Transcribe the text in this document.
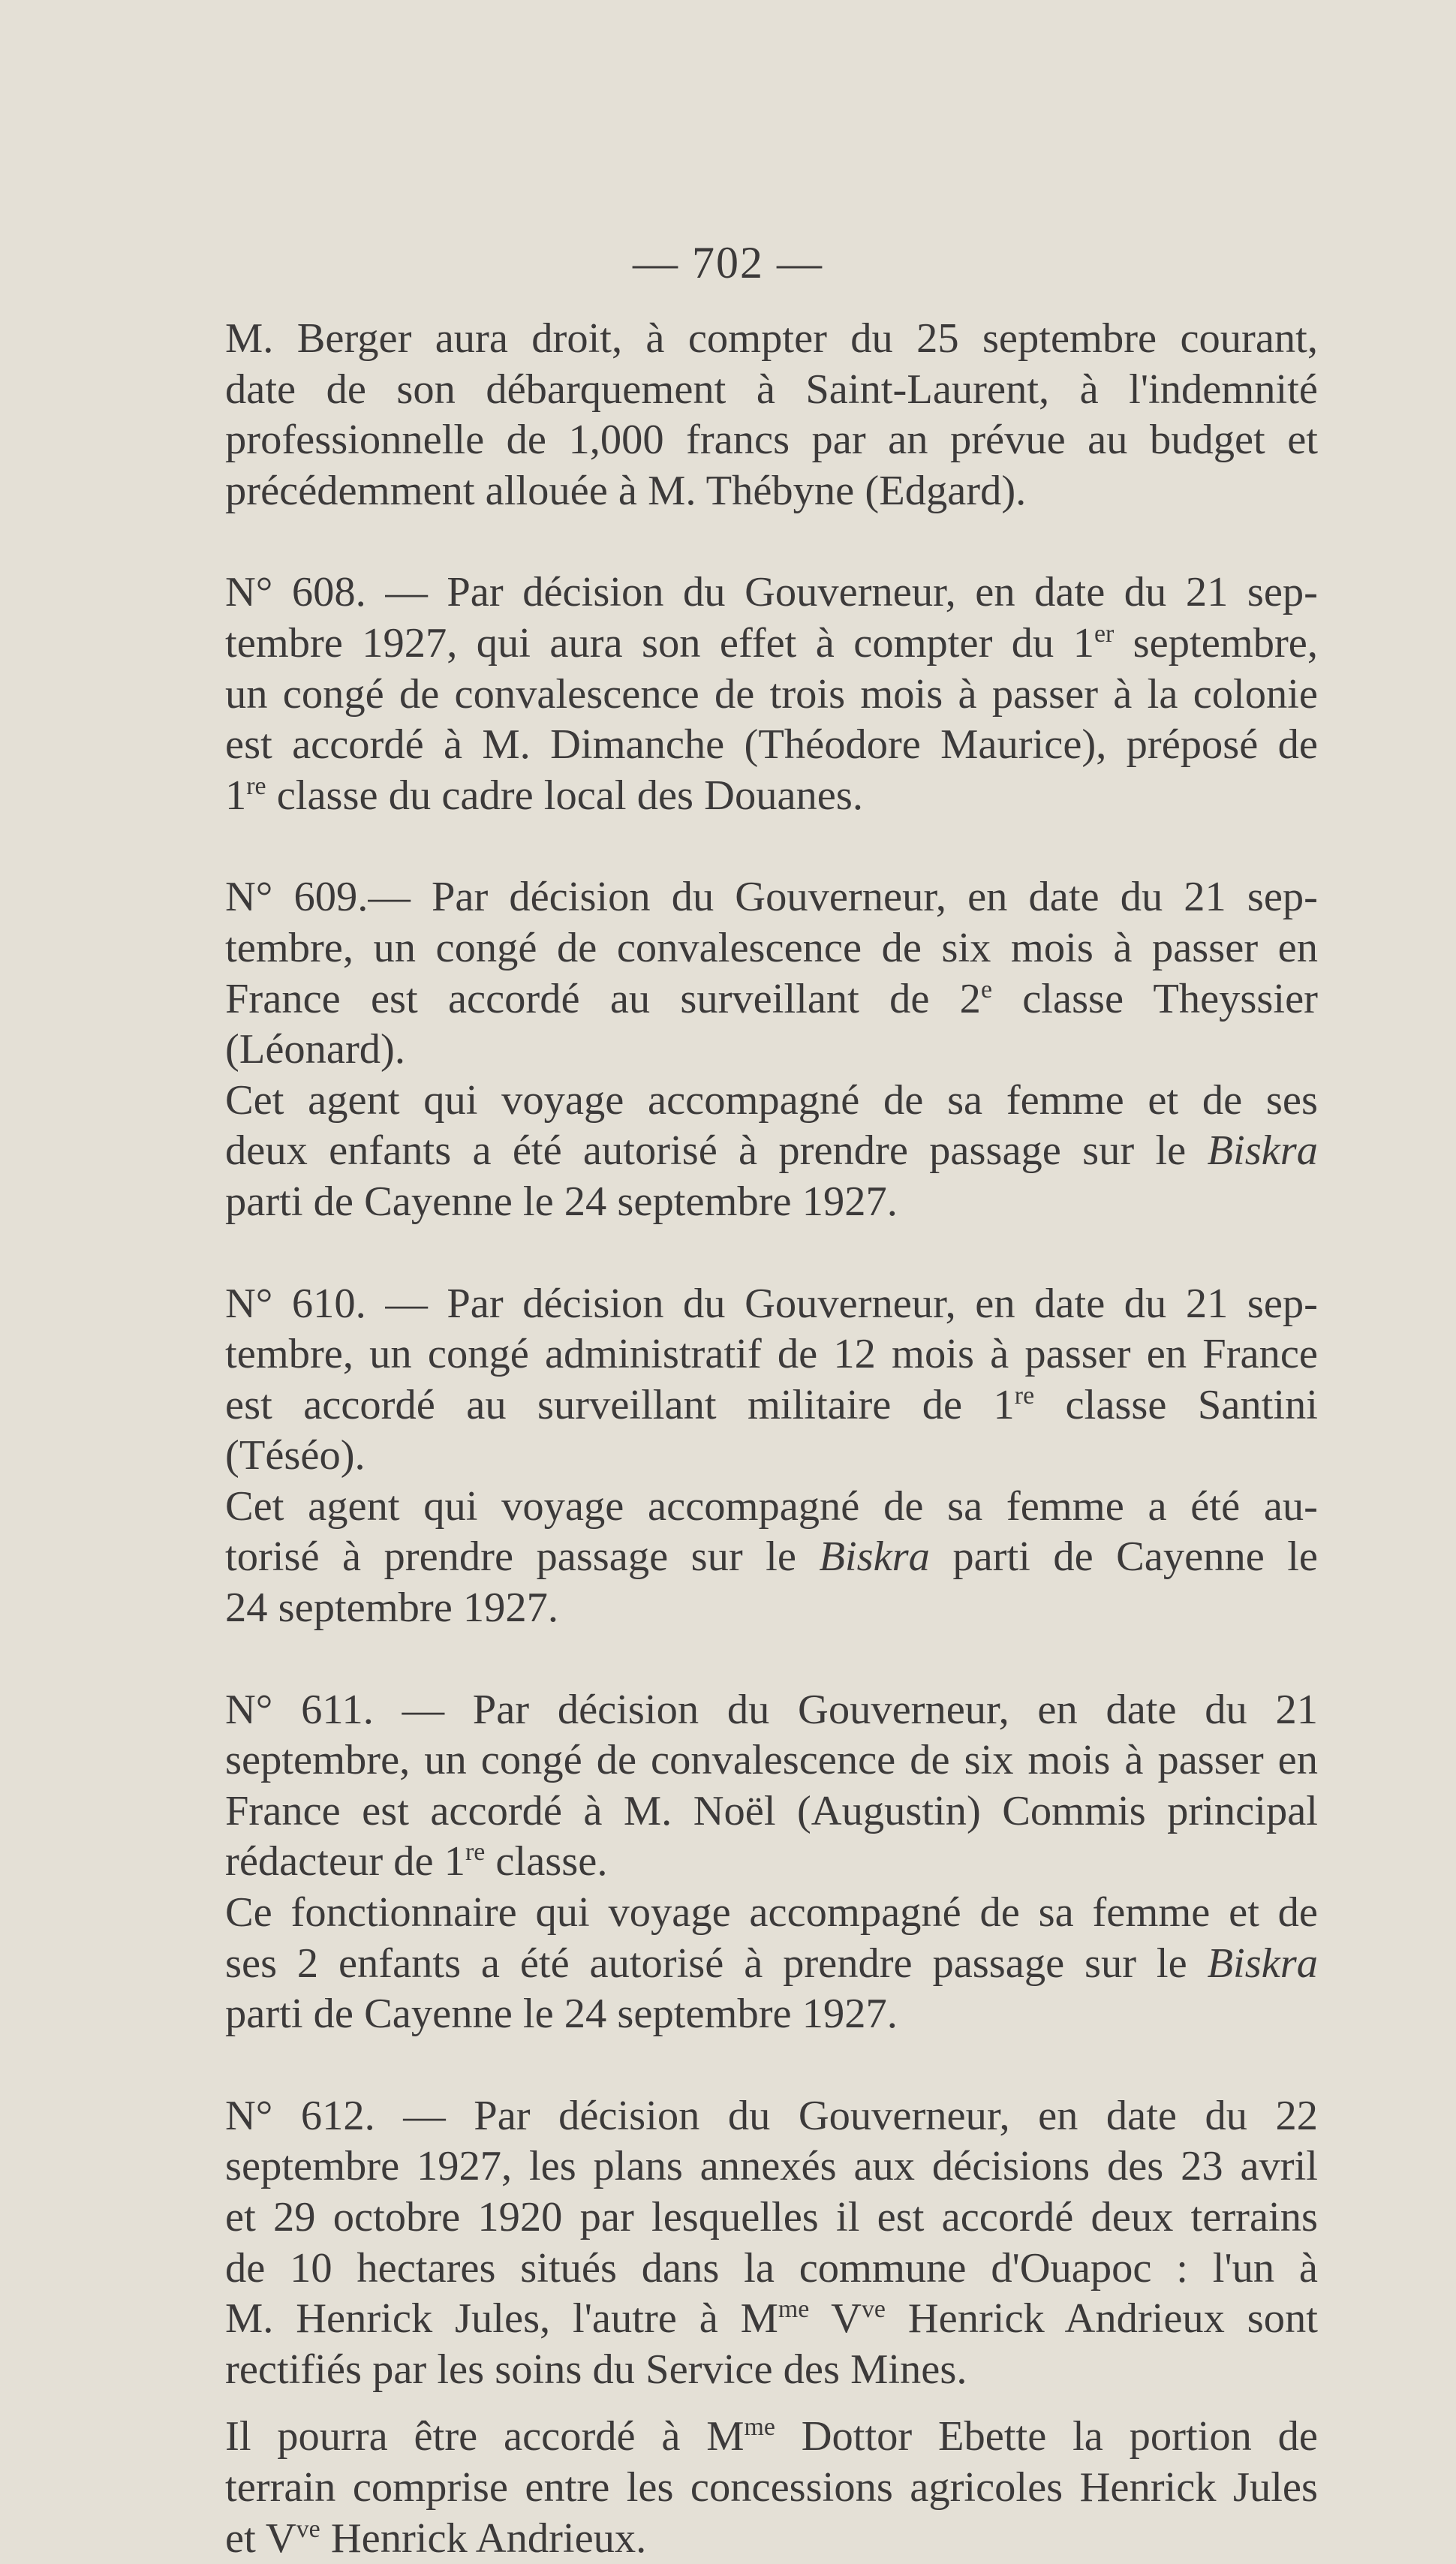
— 702 —
M. Berger aura droit, à compter du 25 septembre courant,
date de son débarquement à Saint-Laurent, à l'indemnité
professionnelle de 1,000 francs par an prévue au budget et
précédemment allouée à M. Thébyne (Edgard).
N° 608. — Par décision du Gouverneur, en date du 21 sep-
tembre 1927, qui aura son effet à compter du 1er septembre,
un congé de convalescence de trois mois à passer à la colonie
est accordé à M. Dimanche (Théodore Maurice), préposé de
1re classe du cadre local des Douanes.
N° 609.— Par décision du Gouverneur, en date du 21 sep-
tembre, un congé de convalescence de six mois à passer en
France est accordé au surveillant de 2e classe Theyssier
(Léonard).
Cet agent qui voyage accompagné de sa femme et de ses
deux enfants a été autorisé à prendre passage sur le Biskra
parti de Cayenne le 24 septembre 1927.
N° 610. — Par décision du Gouverneur, en date du 21 sep-
tembre, un congé administratif de 12 mois à passer en France
est accordé au surveillant militaire de 1re classe Santini
(Téséo).
Cet agent qui voyage accompagné de sa femme a été au-
torisé à prendre passage sur le Biskra parti de Cayenne le
24 septembre 1927.
N° 611. — Par décision du Gouverneur, en date du 21
septembre, un congé de convalescence de six mois à passer en
France est accordé à M. Noël (Augustin) Commis principal
rédacteur de 1re classe.
Ce fonctionnaire qui voyage accompagné de sa femme et de
ses 2 enfants a été autorisé à prendre passage sur le Biskra
parti de Cayenne le 24 septembre 1927.
N° 612. — Par décision du Gouverneur, en date du 22
septembre 1927, les plans annexés aux décisions des 23 avril
et 29 octobre 1920 par lesquelles il est accordé deux terrains
de 10 hectares situés dans la commune d'Ouapoc : l'un à
M. Henrick Jules, l'autre à $M^{me}$ $V^{ve}$ Henrick Andrieux sont
rectifiés par les soins du Service des Mines.
Il pourra être accordé à $M^{me}$ Dottor Ebette la portion de
terrain comprise entre les concessions agricoles Henrick Jules
et $V^{ve}$ Henrick Andrieux.
